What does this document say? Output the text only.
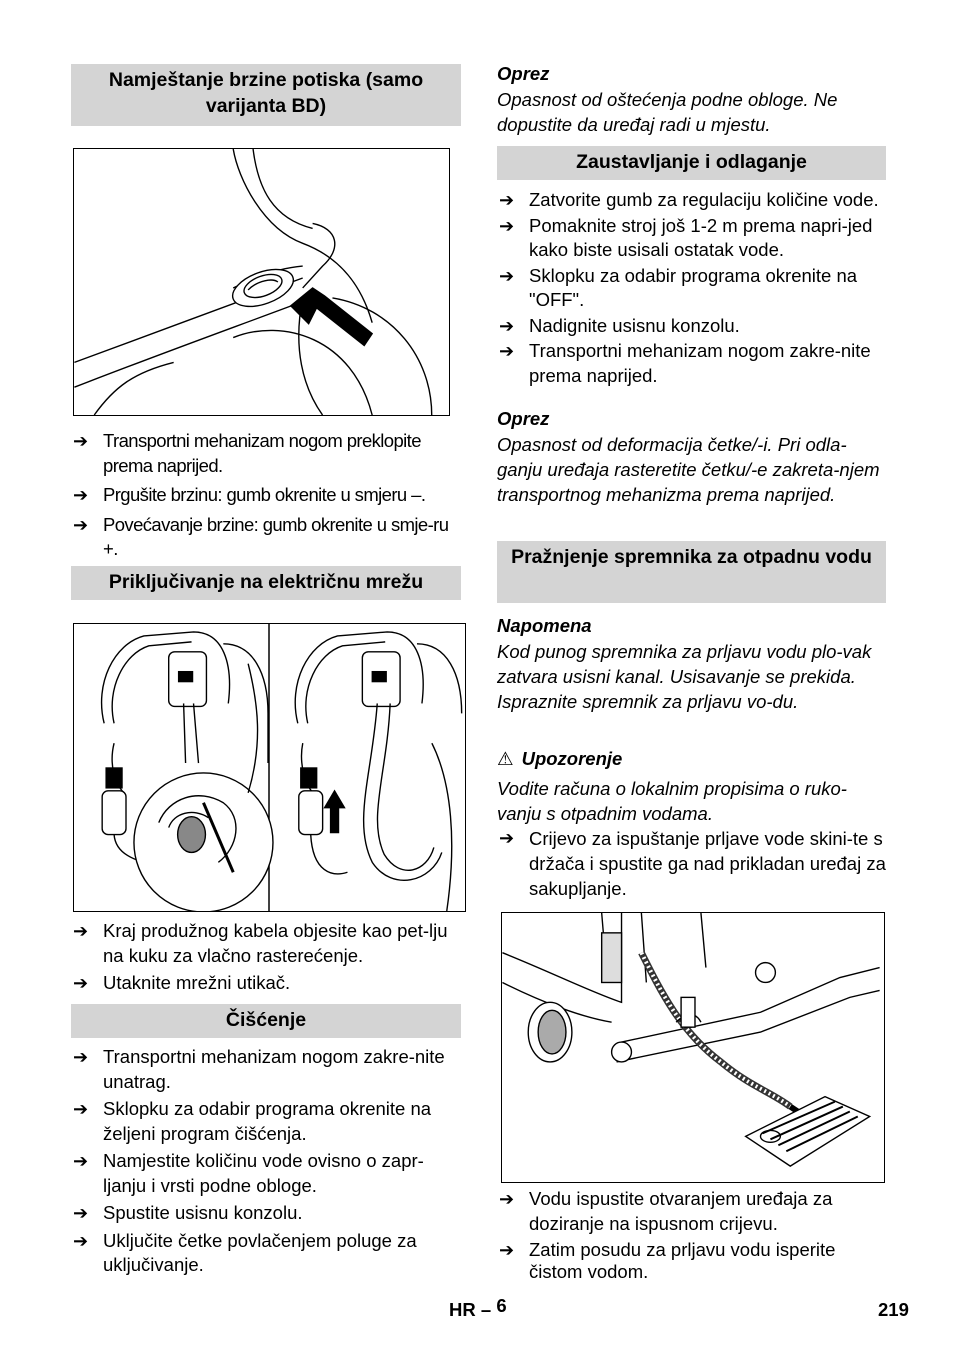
Namještanje brzine potiska (samo varijanta BD)
➔ Transportni mehanizam nogom preklopite prema naprijed.
➔ Prgušite brzinu: gumb okrenite u smjeru –.
➔ Povećavanje brzine: gumb okrenite u smje-ru +.
Priključivanje na električnu mrežu
➔ Kraj produžnog kabela objesite kao pet-lju na kuku za vlačno rasterećenje.
➔ Utaknite mrežni utikač.
Čišćenje
➔ Transportni mehanizam nogom zakre-nite unatrag.
➔ Sklopku za odabir programa okrenite na željeni program čišćenja.
➔ Namjestite količinu vode ovisno o zapr-ljanju i vrsti podne obloge.
➔ Spustite usisnu konzolu.
➔ Uključite četke povlačenjem poluge za uključivanje.
Oprez
Opasnost od oštećenja podne obloge. Ne dopustite da uređaj radi u mjestu.
Zaustavljanje i odlaganje
➔ Zatvorite gumb za regulaciju količine vode.
➔ Pomaknite stroj još 1-2 m prema napri-jed kako biste usisali ostatak vode.
➔ Sklopku za odabir programa okrenite na "OFF".
➔ Nadignite usisnu konzolu.
➔ Transportni mehanizam nogom zakre-nite prema naprijed.
Oprez
Opasnost od deformacija četke/-i. Pri odla-ganju uređaja rasteretite četku/-e zakreta-njem transportnog mehanizma prema naprijed.
Pražnjenje spremnika za otpadnu vodu
Napomena
Kod punog spremnika za prljavu vodu plo-vak zatvara usisni kanal. Usisavanje se prekida. Ispraznite spremnik za prljavu vo-du.
⚠ Upozorenje
Vodite računa o lokalnim propisima o ruko-vanju s otpadnim vodama.
➔ Crijevo za ispuštanje prljave vode skini-te s držača i spustite ga nad prikladan uređaj za sakupljanje.
➔ Vodu ispustite otvaranjem uređaja za doziranje na ispusnom crijevu.
➔ Zatim posudu za prljavu vodu isperite čistom vodom.
HR – 6	219
